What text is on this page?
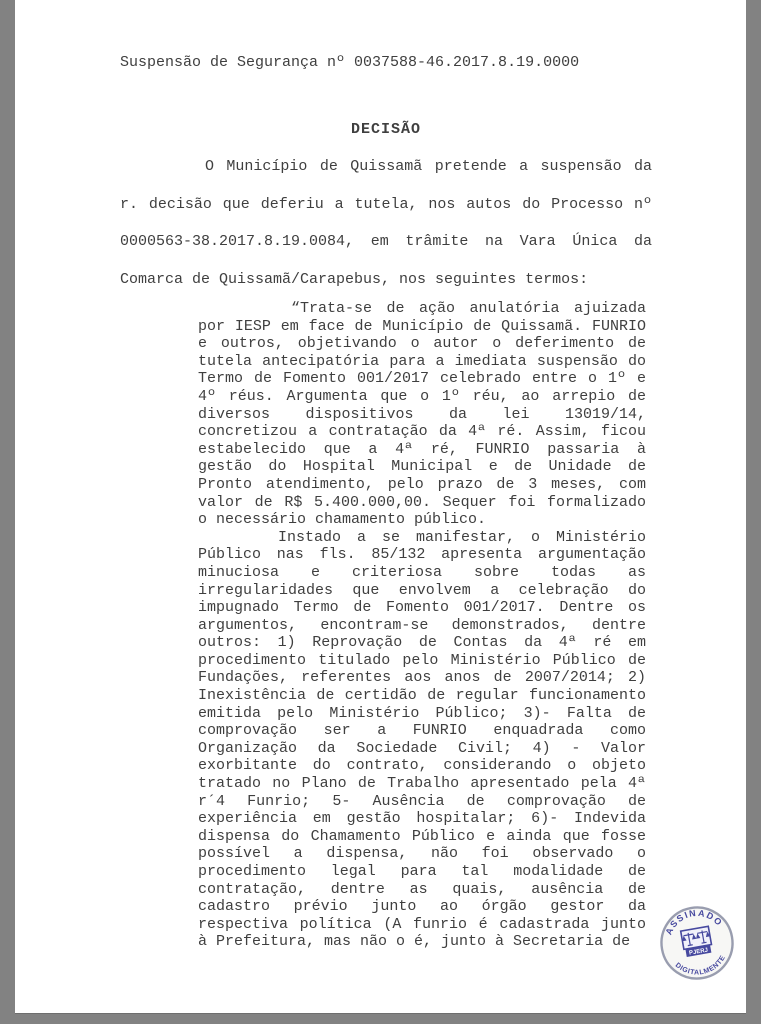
Suspensão de Segurança nº 0037588-46.2017.8.19.0000
DECISÃO

O Município de Quissamã pretende a suspensão da r. decisão que deferiu a tutela, nos autos do Processo nº 0000563-38.2017.8.19.0084, em trâmite na Vara Única da Comarca de Quissamã/Carapebus, nos seguintes termos:

“Trata-se de ação anulatória ajuizada por IESP em face de Município de Quissamã. FUNRIO e outros, objetivando o autor o deferimento de tutela antecipatória para a imediata suspensão do Termo de Fomento 001/2017 celebrado entre o 1º e 4º réus. Argumenta que o 1º réu, ao arrepio de diversos dispositivos da lei 13019/14, concretizou a contratação da 4ª ré. Assim, ficou estabelecido que a 4ª ré, FUNRIO passaria à gestão do Hospital Municipal e de Unidade de Pronto atendimento, pelo prazo de 3 meses, com valor de R$ 5.400.000,00. Sequer foi formalizado o necessário chamamento público.

Instado a se manifestar, o Ministério Público nas fls. 85/132 apresenta argumentação minuciosa e criteriosa sobre todas as irregularidades que envolvem a celebração do impugnado Termo de Fomento 001/2017. Dentre os argumentos, encontram-se demonstrados, dentre outros: 1) Reprovação de Contas da 4ª ré em procedimento titulado pelo Ministério Público de Fundações, referentes aos anos de 2007/2014; 2) Inexistência de certidão de regular funcionamento emitida pelo Ministério Público; 3)- Falta de comprovação ser a FUNRIO enquadrada como Organização da Sociedade Civil; 4) - Valor exorbitante do contrato, considerando o objeto tratado no Plano de Trabalho apresentado pela 4ª r´4 Funrio; 5- Ausência de comprovação de experiência em gestão hospitalar; 6)- Indevida dispensa do Chamamento Público e ainda que fosse possível a dispensa, não foi observado o procedimento legal para tal modalidade de contratação, dentre as quais, ausência de cadastro prévio junto ao órgão gestor da respectiva política (A funrio é cadastrada junto à Prefeitura, mas não o é, junto à Secretaria de

ASSINADO
DIGITALMENTE
PJERJ
